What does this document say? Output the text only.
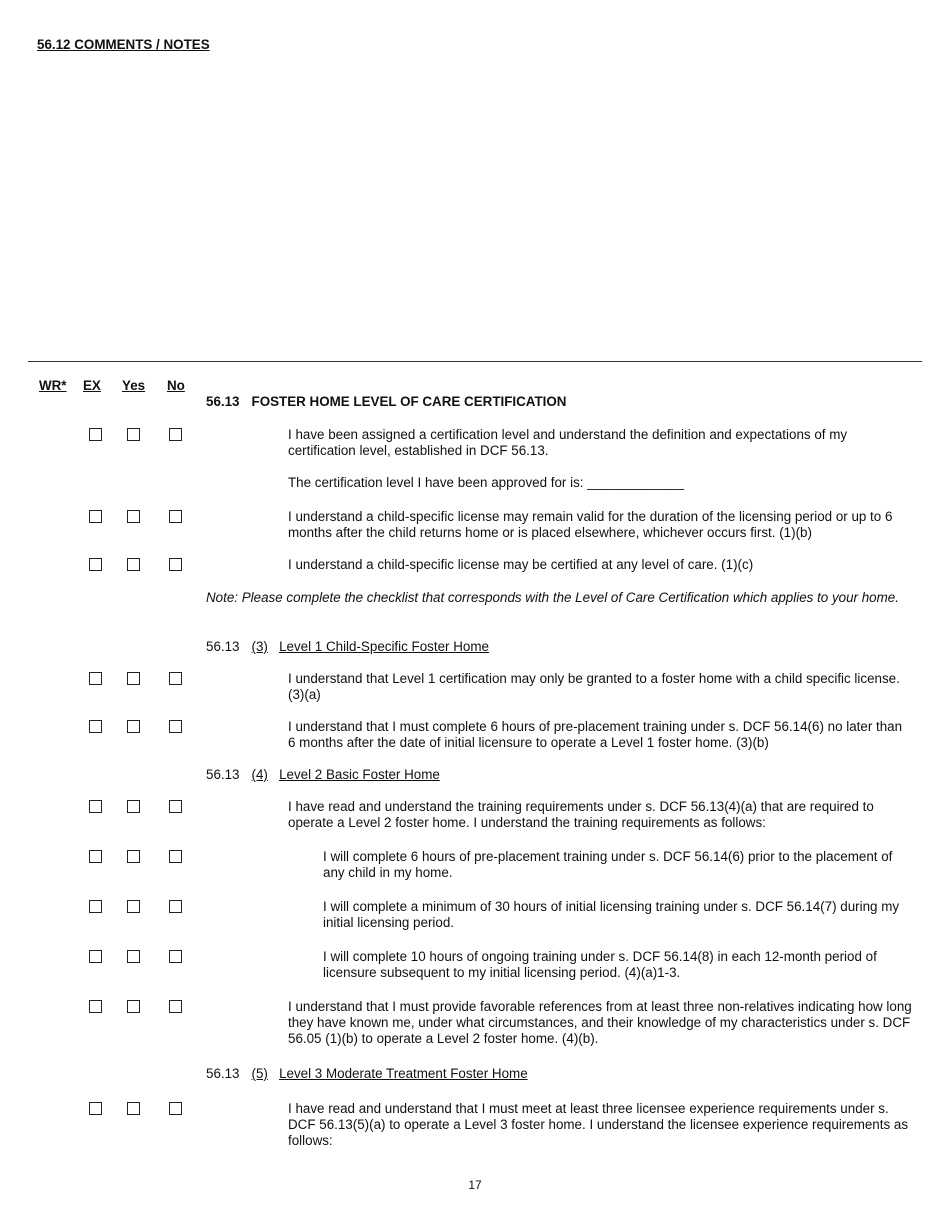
56.12 COMMENTS / NOTES
WR* EX Yes No
56.13 FOSTER HOME LEVEL OF CARE CERTIFICATION
I have been assigned a certification level and understand the definition and expectations of my certification level, established in DCF 56.13.
The certification level I have been approved for is: _____________
I understand a child-specific license may remain valid for the duration of the licensing period or up to 6 months after the child returns home or is placed elsewhere, whichever occurs first. (1)(b)
I understand a child-specific license may be certified at any level of care. (1)(c)
Note: Please complete the checklist that corresponds with the Level of Care Certification which applies to your home.
56.13 (3) Level 1 Child-Specific Foster Home
I understand that Level 1 certification may only be granted to a foster home with a child specific license. (3)(a)
I understand that I must complete 6 hours of pre-placement training under s. DCF 56.14(6) no later than 6 months after the date of initial licensure to operate a Level 1 foster home. (3)(b)
56.13 (4) Level 2 Basic Foster Home
I have read and understand the training requirements under s. DCF 56.13(4)(a) that are required to operate a Level 2 foster home. I understand the training requirements as follows:
I will complete 6 hours of pre-placement training under s. DCF 56.14(6) prior to the placement of any child in my home.
I will complete a minimum of 30 hours of initial licensing training under s. DCF 56.14(7) during my initial licensing period.
I will complete 10 hours of ongoing training under s. DCF 56.14(8) in each 12-month period of licensure subsequent to my initial licensing period. (4)(a)1-3.
I understand that I must provide favorable references from at least three non-relatives indicating how long they have known me, under what circumstances, and their knowledge of my characteristics under s. DCF 56.05 (1)(b) to operate a Level 2 foster home. (4)(b).
56.13 (5) Level 3 Moderate Treatment Foster Home
I have read and understand that I must meet at least three licensee experience requirements under s. DCF 56.13(5)(a) to operate a Level 3 foster home. I understand the licensee experience requirements as follows:
17
